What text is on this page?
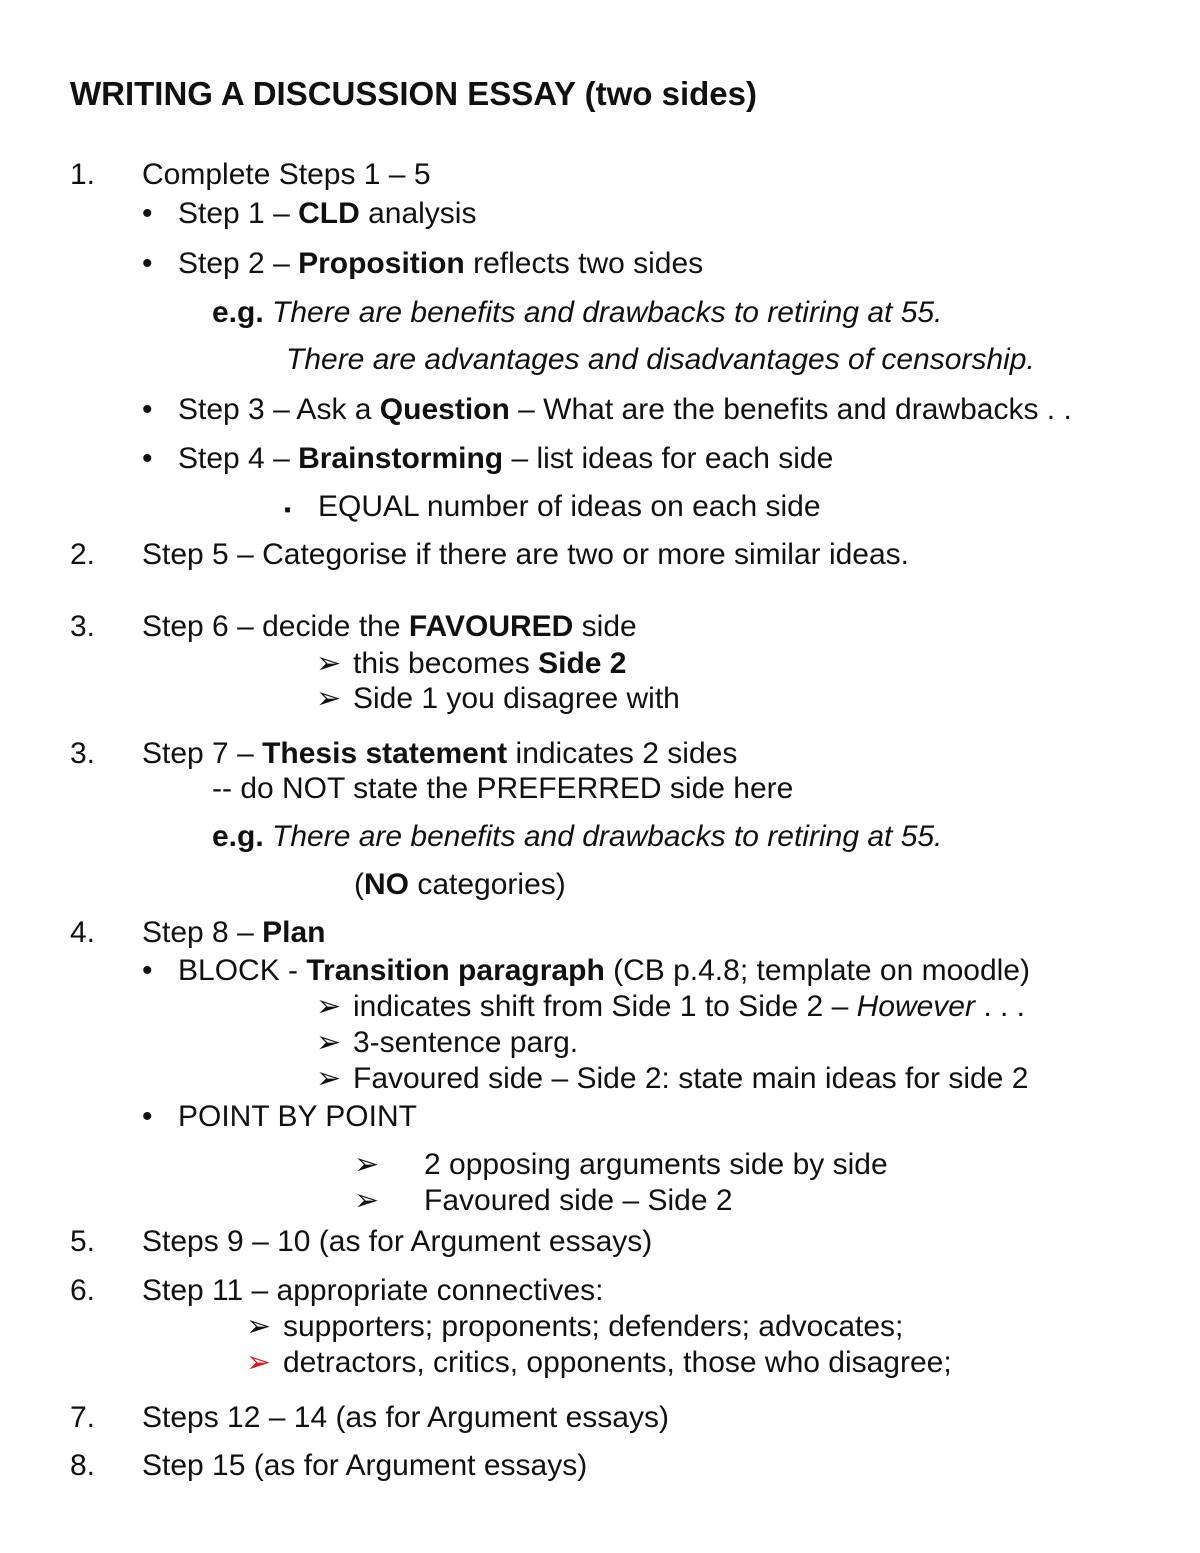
WRITING A DISCUSSION ESSAY (two sides)
1. Complete Steps 1 – 5
• Step 1 – CLD analysis
• Step 2 – Proposition reflects two sides
e.g. There are benefits and drawbacks to retiring at 55.
There are advantages and disadvantages of censorship.
• Step 3 – Ask a Question – What are the benefits and drawbacks . .
• Step 4 – Brainstorming – list ideas for each side
▪ EQUAL number of ideas on each side
2. Step 5 – Categorise if there are two or more similar ideas.
3. Step 6 – decide the FAVOURED side
➢ this becomes Side 2
➢ Side 1 you disagree with
3. Step 7 – Thesis statement indicates 2 sides
-- do NOT state the PREFERRED side here
e.g. There are benefits and drawbacks to retiring at 55.
(NO categories)
4. Step 8 – Plan
• BLOCK - Transition paragraph (CB p.4.8; template on moodle)
➢ indicates shift from Side 1 to Side 2 – However . . .
➢ 3-sentence parg.
➢ Favoured side – Side 2: state main ideas for side 2
• POINT BY POINT
➢ 2 opposing arguments side by side
➢ Favoured side – Side 2
5. Steps 9 – 10 (as for Argument essays)
6. Step 11 – appropriate connectives:
➢ supporters; proponents; defenders; advocates;
➢ detractors, critics, opponents, those who disagree;
7. Steps 12 – 14 (as for Argument essays)
8. Step 15 (as for Argument essays)
